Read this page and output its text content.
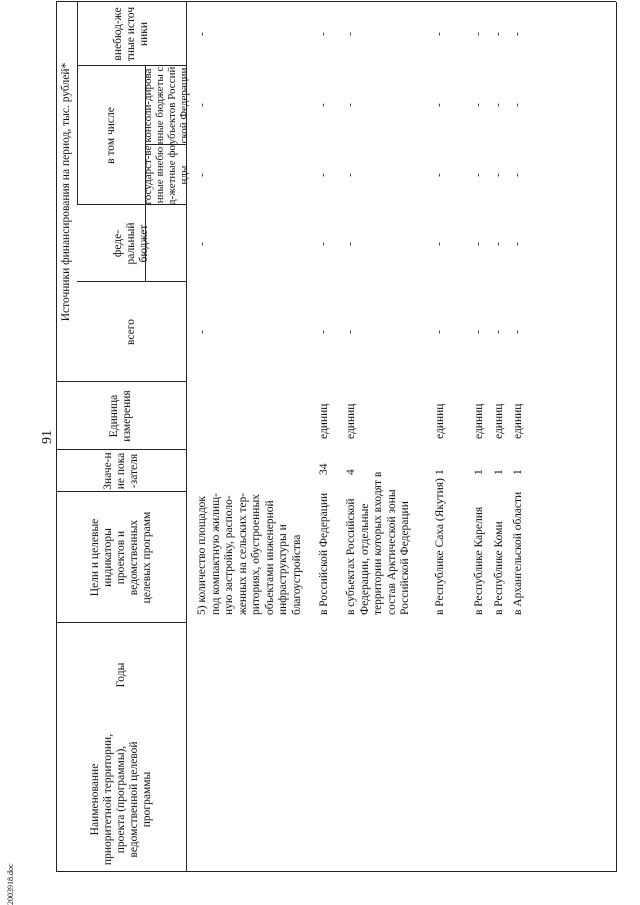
91
2003918.doc
Наименование приоритетной территории, проекта (программы), ведомственной целевой программы
Годы
Цели и целевые индикаторы проектов и ведомственных целевых программ
Значе-ние пока-зателя
Единица измерения
Источники финансирования на период, тыс. рублей*
всего
феде-ральный бюджет
в том числе
государст-венные внебюд-жетные фонды
консоли-дированные бюджеты субъектов Российской Федерации
внебюд-жетные источники
5) количество площадок под компактную жилищ-ную застройку, располо-женных на сельских тер-риториях, обустроенных объектами инженерной инфраструктуры и благоустройства в Российской Федерации
34
единиц
в субъектах Российской Федерации, отдельные территории которых входят в состав Арктической зоны Российской Федерации
4
единиц
в Республике Саха (Якутия)
1
единиц
в Республике Карелия
1
единиц
в Республике Коми
1
единиц
в Архангельской области
1
единиц
-
-
-
-
-
-
-
-
-
-
-
-
-
-
-
-
-
-
-
-
-
-
-
-
-
-
-
-
-
-
-
-
-
-
-
